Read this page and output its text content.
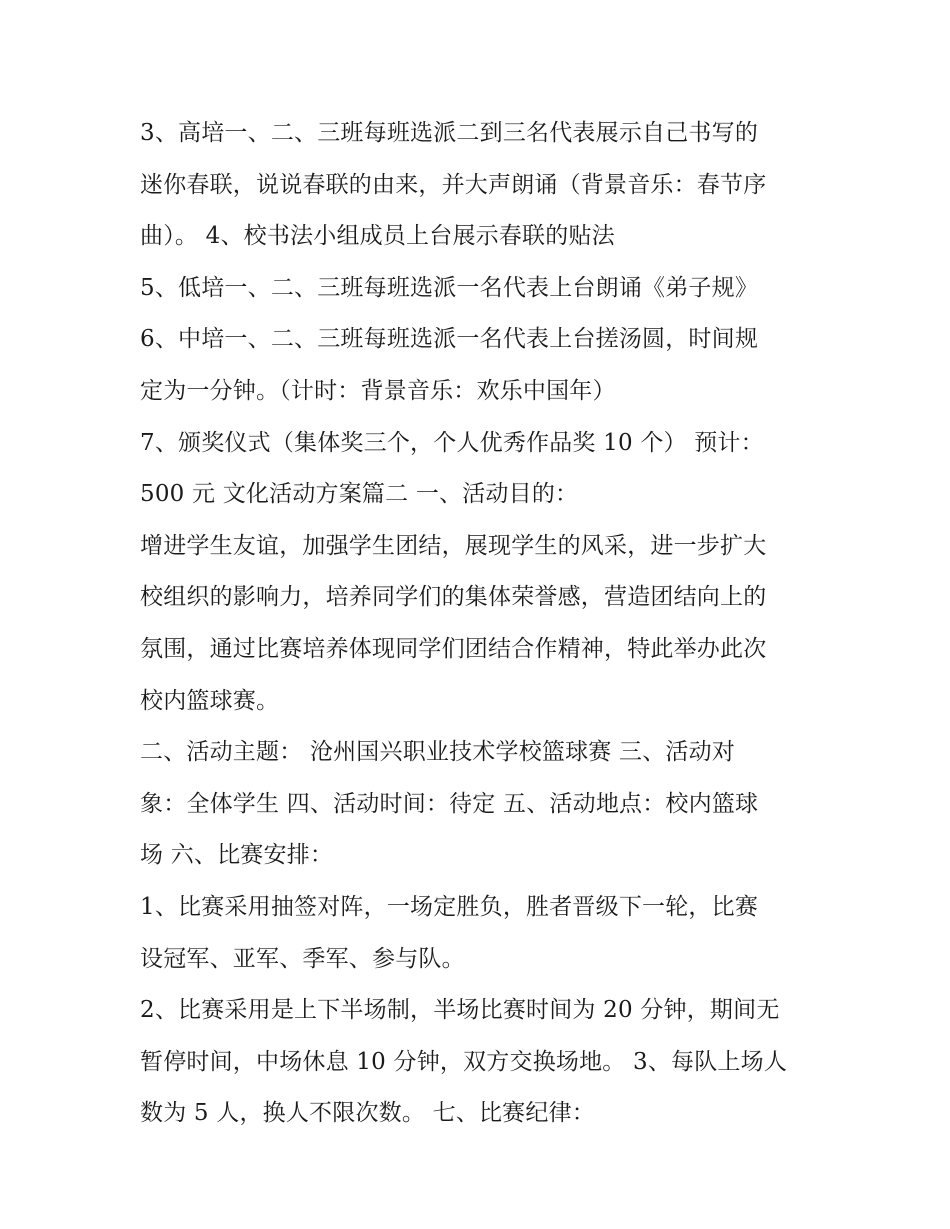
3、高培一、二、三班每班选派二到三名代表展示自己书写的
迷你春联，说说春联的由来，并大声朗诵（背景音乐：春节序
曲）。 4、校书法小组成员上台展示春联的贴法
5、低培一、二、三班每班选派一名代表上台朗诵《弟子规》
6、中培一、二、三班每班选派一名代表上台搓汤圆，时间规
定为一分钟。（计时：背景音乐：欢乐中国年）
7、颁奖仪式（集体奖三个，个人优秀作品奖 10 个） 预计：
500 元 文化活动方案篇二 一、活动目的：
增进学生友谊，加强学生团结，展现学生的风采，进一步扩大
校组织的影响力，培养同学们的集体荣誉感，营造团结向上的
氛围，通过比赛培养体现同学们团结合作精神，特此举办此次
校内篮球赛。
二、活动主题： 沧州国兴职业技术学校篮球赛 三、活动对
象：全体学生 四、活动时间：待定 五、活动地点：校内篮球
场 六、比赛安排：
1、比赛采用抽签对阵，一场定胜负，胜者晋级下一轮，比赛
设冠军、亚军、季军、参与队。
2、比赛采用是上下半场制，半场比赛时间为 20 分钟，期间无
暂停时间，中场休息 10 分钟，双方交换场地。 3、每队上场人
数为 5 人，换人不限次数。 七、比赛纪律：
